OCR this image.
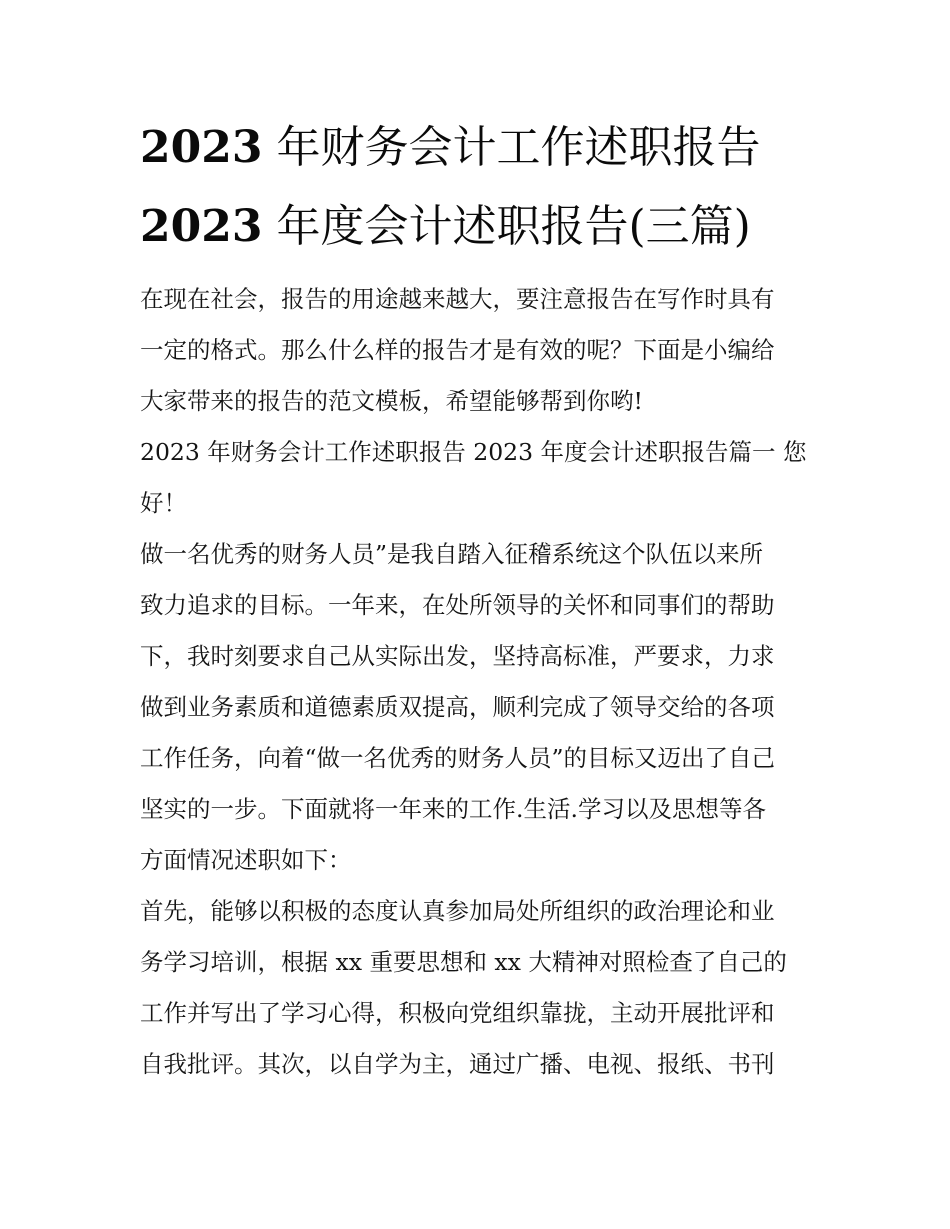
2023 年财务会计工作述职报告
2023 年度会计述职报告(三篇)
在现在社会，报告的用途越来越大，要注意报告在写作时具有
一定的格式。那么什么样的报告才是有效的呢？下面是小编给
大家带来的报告的范文模板，希望能够帮到你哟!
2023 年财务会计工作述职报告 2023 年度会计述职报告篇一 您
好！
做一名优秀的财务人员”是我自踏入征稽系统这个队伍以来所
致力追求的目标。一年来，在处所领导的关怀和同事们的帮助
下，我时刻要求自己从实际出发，坚持高标准，严要求，力求
做到业务素质和道德素质双提高，顺利完成了领导交给的各项
工作任务，向着“做一名优秀的财务人员”的目标又迈出了自己
坚实的一步。下面就将一年来的工作.生活.学习以及思想等各
方面情况述职如下：
首先，能够以积极的态度认真参加局处所组织的政治理论和业
务学习培训，根据 xx 重要思想和 xx 大精神对照检查了自己的
工作并写出了学习心得，积极向党组织靠拢，主动开展批评和
自我批评。其次，以自学为主，通过广播、电视、报纸、书刊
